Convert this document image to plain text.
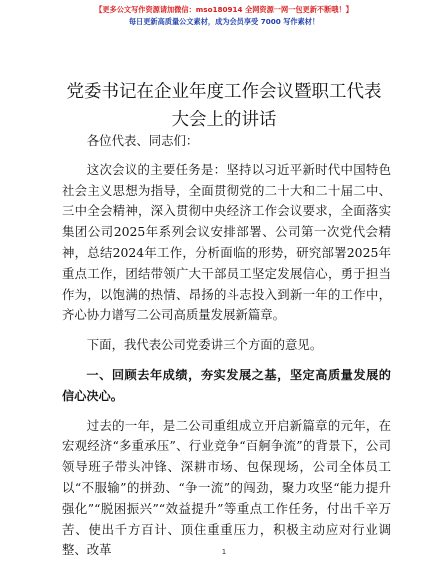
【更多公文写作资源请加微信：mso180914 全网资源一网一包更新不断哦！】
每日更新高质量公文素材，成为会员享受 7000 写作素材！
党委书记在企业年度工作会议暨职工代表大会上的讲话

各位代表、同志们：

这次会议的主要任务是：坚持以习近平新时代中国特色社会主义思想为指导，全面贯彻党的二十大和二十届二中、三中全会精神，深入贯彻中央经济工作会议要求，全面落实集团公司2025年系列会议安排部署、公司第一次党代会精神，总结2024年工作，分析面临的形势，研究部署2025年重点工作，团结带领广大干部员工坚定发展信心，勇于担当作为，以饱满的热情、昂扬的斗志投入到新一年的工作中，齐心协力谱写二公司高质量发展新篇章。

下面，我代表公司党委讲三个方面的意见。

一、回顾去年成绩，夯实发展之基，坚定高质量发展的信心决心。

过去的一年，是二公司重组成立开启新篇章的元年，在宏观经济“多重承压”、行业竞争“百舸争流”的背景下，公司领导班子带头冲锋、深耕市场、包保现场，公司全体员工以“不服输”的拼劲、“争一流”的闯劲，聚力攻坚“能力提升强化”“脱困振兴”“效益提升”等重点工作任务，付出千辛万苦、使出千方百计、顶住重重压力，积极主动应对行业调整、改革	1
